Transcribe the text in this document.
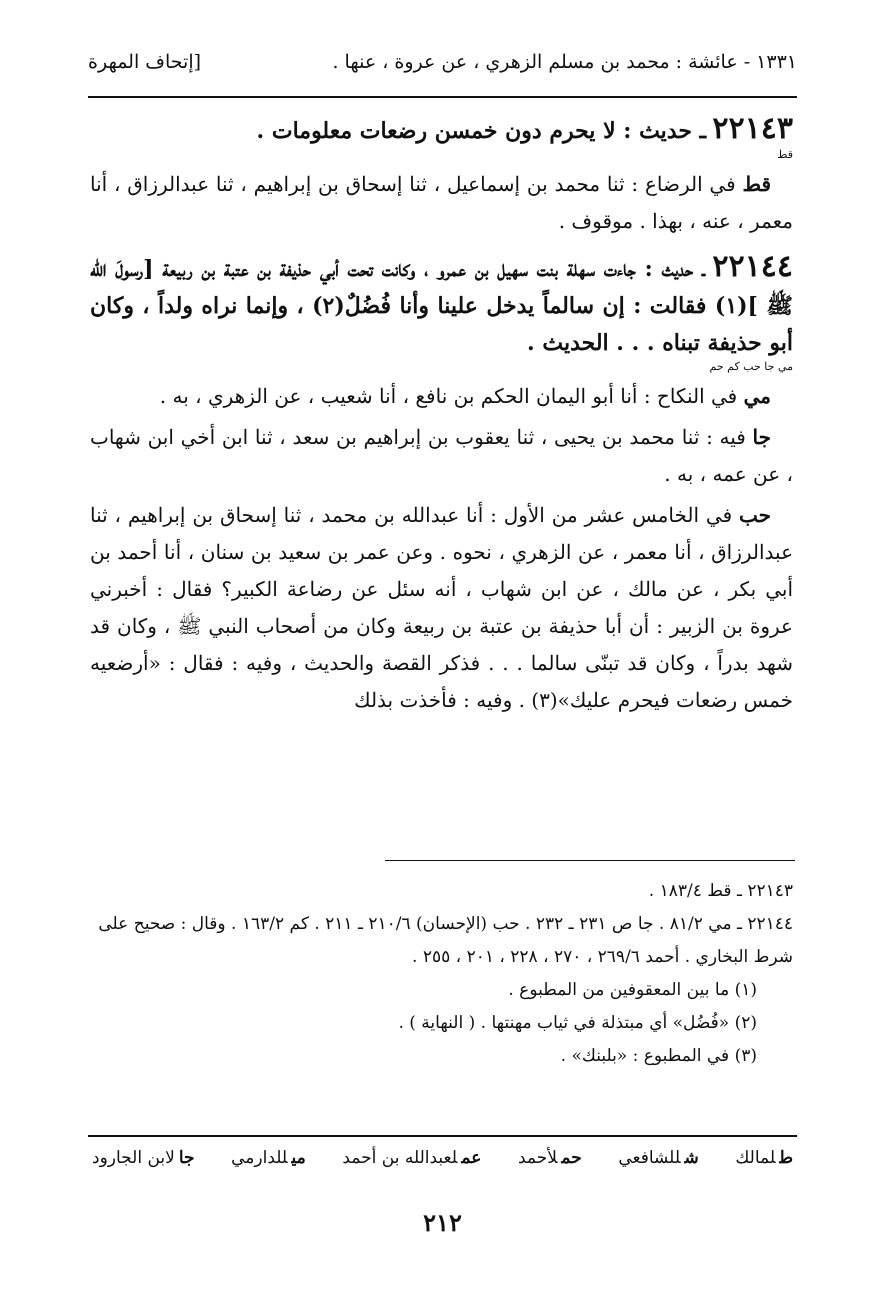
١٣٣١ - عائشة : محمد بن مسلم الزهري ، عن عروة ، عنها .
[إتحاف المهرة
٢٢١٤٣ ـ حديث : لا يحرم دون خمسن رضعات معلومات .
قط

قط في الرضاع : ثنا محمد بن إسماعيل ، ثنا إسحاق بن إبراهيم ، ثنا عبدالرزاق ، أنا معمر ، عنه ، بهذا . موقوف .

٢٢١٤٤ ـ حديث : جاءت سهلة بنت سهيل بن عمرو ، وكانت تحت أبي حذيفة بن عتبة بن ربيعة [رسولَ الله ﷺ ](١) فقالت : إن سالماً يدخل علينا وأنا فُضُلٌ(٢) ، وإنما نراه ولداً ، وكان أبو حذيفة تبناه . . . الحديث .
مي جا حب كم حم

مي في النكاح : أنا أبو اليمان الحكم بن نافع ، أنا شعيب ، عن الزهري ، به .

جا فيه : ثنا محمد بن يحيى ، ثنا يعقوب بن إبراهيم بن سعد ، ثنا ابن أخي ابن شهاب ، عن عمه ، به .

حب في الخامس عشر من الأول : أنا عبدالله بن محمد ، ثنا إسحاق بن إبراهيم ، ثنا عبدالرزاق ، أنا معمر ، عن الزهري ، نحوه . وعن عمر بن سعيد بن سنان ، أنا أحمد بن أبي بكر ، عن مالك ، عن ابن شهاب ، أنه سئل عن رضاعة الكبير؟ فقال : أخبرني عروة بن الزبير : أن أبا حذيفة بن عتبة بن ربيعة وكان من أصحاب النبي ﷺ ، وكان قد شهد بدراً ، وكان قد تبنّى سالما . . . فذكر القصة والحديث ، وفيه : فقال : «أرضعيه خمس رضعات فيحرم عليك»(٣) . وفيه : فأخذت بذلك

٢٢١٤٣ ـ قط ١٨٣/٤ .

٢٢١٤٤ ـ مي ٨١/٢ . جا ص ٢٣١ ـ ٢٣٢ . حب (الإحسان) ٢١٠/٦ ـ ٢١١ . كم ١٦٣/٢ . وقال : صحيح على شرط البخاري . أحمد ٢٦٩/٦ ، ٢٧٠ ، ٢٢٨ ، ٢٠١ ، ٢٥٥ .

(١) ما بين المعقوفين من المطبوع .

(٢) «فُضُل» أي مبتذلة في ثياب مهنتها . ( النهاية ) .

(٣) في المطبوع : «بلبنك» .

طلمالك
شللشافعي
حملأحمد
عملعبدالله بن أحمد
ميللدارمي
جالابن الجارود
٢١٢
